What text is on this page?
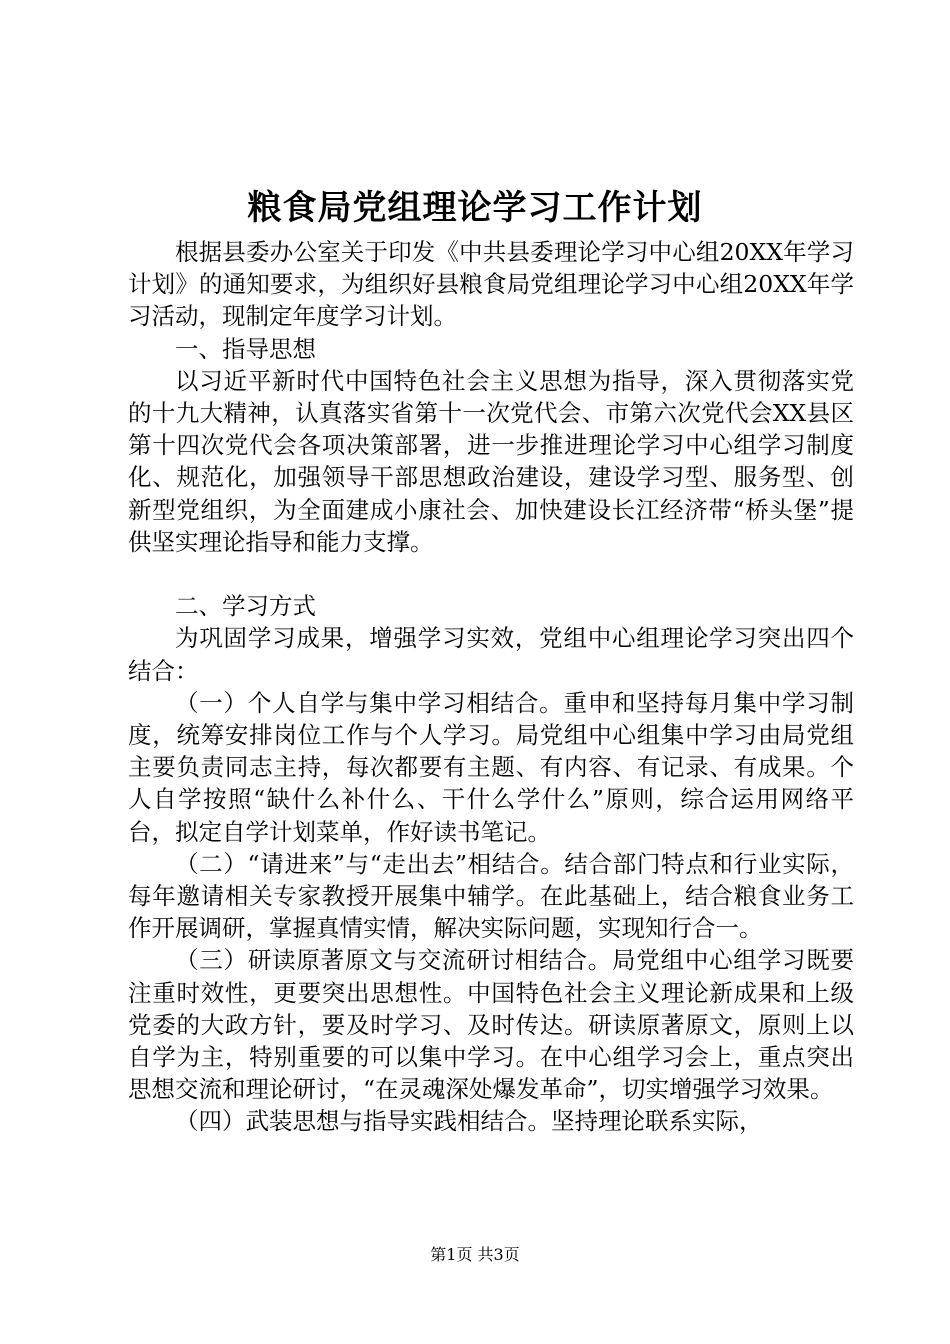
粮食局党组理论学习工作计划

根据县委办公室关于印发《中共县委理论学习中心组20XX年学习计划》的通知要求，为组织好县粮食局党组理论学习中心组20XX年学习活动，现制定年度学习计划。

一、指导思想

以习近平新时代中国特色社会主义思想为指导，深入贯彻落实党的十九大精神，认真落实省第十一次党代会、市第六次党代会XX县区第十四次党代会各项决策部署，进一步推进理论学习中心组学习制度化、规范化，加强领导干部思想政治建设，建设学习型、服务型、创新型党组织，为全面建成小康社会、加快建设长江经济带“桥头堡”提供坚实理论指导和能力支撑。

二、学习方式

为巩固学习成果，增强学习实效，党组中心组理论学习突出四个结合：

（一）个人自学与集中学习相结合。重申和坚持每月集中学习制度，统筹安排岗位工作与个人学习。局党组中心组集中学习由局党组主要负责同志主持，每次都要有主题、有内容、有记录、有成果。个人自学按照“缺什么补什么、干什么学什么”原则，综合运用网络平台，拟定自学计划菜单，作好读书笔记。

（二）“请进来”与“走出去”相结合。结合部门特点和行业实际，每年邀请相关专家教授开展集中辅学。在此基础上，结合粮食业务工作开展调研，掌握真情实情，解决实际问题，实现知行合一。

（三）研读原著原文与交流研讨相结合。局党组中心组学习既要注重时效性，更要突出思想性。中国特色社会主义理论新成果和上级党委的大政方针，要及时学习、及时传达。研读原著原文，原则上以自学为主，特别重要的可以集中学习。在中心组学习会上，重点突出思想交流和理论研讨，“在灵魂深处爆发革命”，切实增强学习效果。

（四）武装思想与指导实践相结合。坚持理论联系实际，

第1页 共3页
